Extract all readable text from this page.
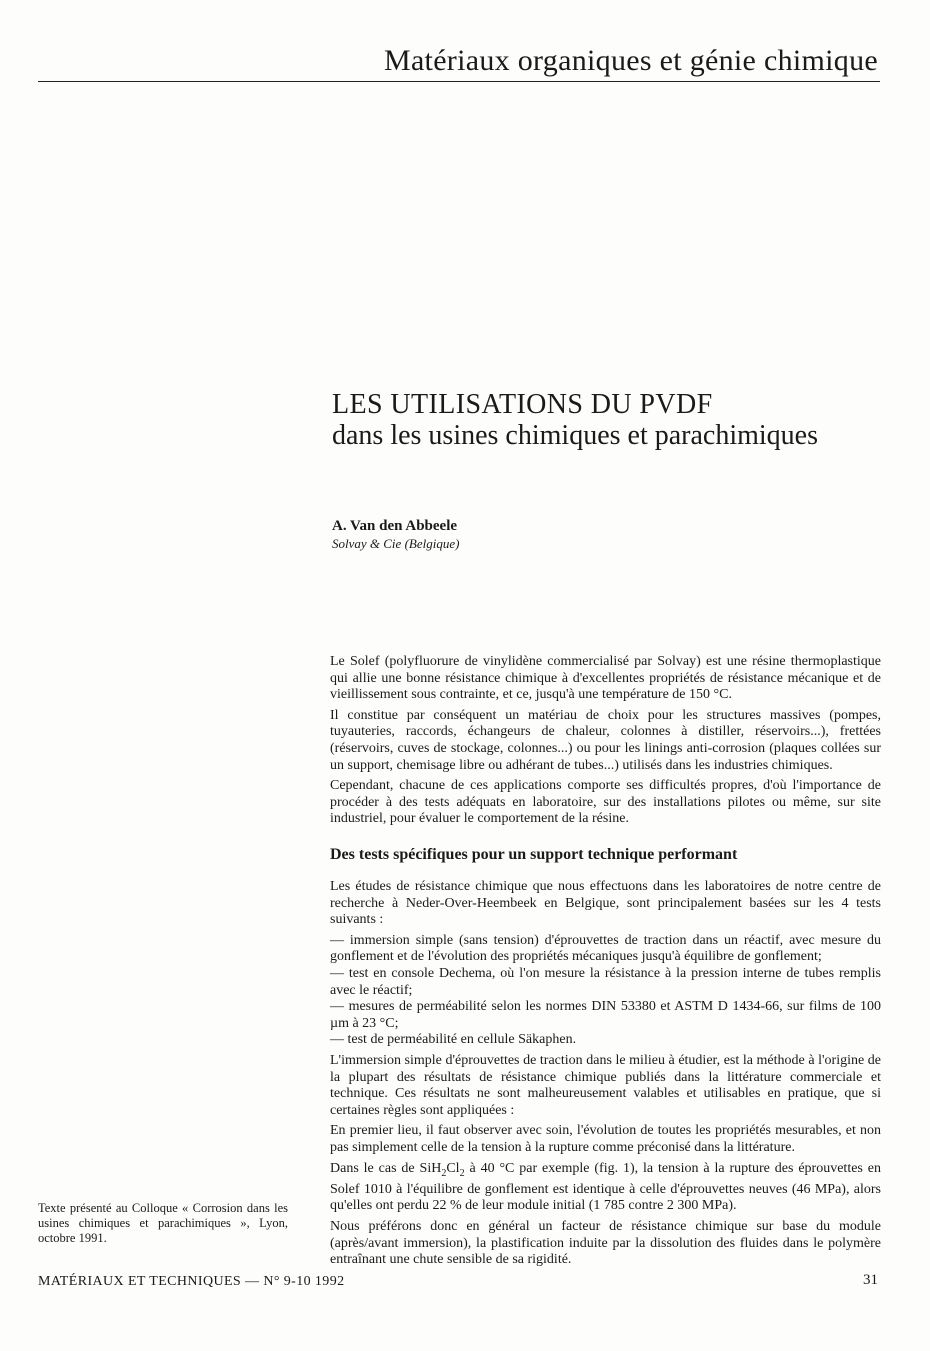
Matériaux organiques et génie chimique
LES UTILISATIONS DU PVDF
dans les usines chimiques et parachimiques
A. Van den Abbeele
Solvay & Cie (Belgique)

Le Solef (polyfluorure de vinylidène commercialisé par Solvay) est une résine thermoplastique qui allie une bonne résistance chimique à d'excellentes propriétés de résistance mécanique et de vieillissement sous contrainte, et ce, jusqu'à une température de 150 °C.

Il constitue par conséquent un matériau de choix pour les structures massives (pompes, tuyauteries, raccords, échangeurs de chaleur, colonnes à distiller, réservoirs...), frettées (réservoirs, cuves de stockage, colonnes...) ou pour les linings anti-corrosion (plaques collées sur un support, chemisage libre ou adhérant de tubes...) utilisés dans les industries chimiques.

Cependant, chacune de ces applications comporte ses difficultés propres, d'où l'importance de procéder à des tests adéquats en laboratoire, sur des installations pilotes ou même, sur site industriel, pour évaluer le comportement de la résine.

Des tests spécifiques pour un support technique performant

Les études de résistance chimique que nous effectuons dans les laboratoires de notre centre de recherche à Neder-Over-Heembeek en Belgique, sont principalement basées sur les 4 tests suivants :

— immersion simple (sans tension) d'éprouvettes de traction dans un réactif, avec mesure du gonflement et de l'évolution des propriétés mécaniques jusqu'à équilibre de gonflement;

— test en console Dechema, où l'on mesure la résistance à la pression interne de tubes remplis avec le réactif;

— mesures de perméabilité selon les normes DIN 53380 et ASTM D 1434-66, sur films de 100 µm à 23 °C;

— test de perméabilité en cellule Säkaphen.

L'immersion simple d'éprouvettes de traction dans le milieu à étudier, est la méthode à l'origine de la plupart des résultats de résistance chimique publiés dans la littérature commerciale et technique. Ces résultats ne sont malheureusement valables et utilisables en pratique, que si certaines règles sont appliquées :

En premier lieu, il faut observer avec soin, l'évolution de toutes les propriétés mesurables, et non pas simplement celle de la tension à la rupture comme préconisé dans la littérature.

Dans le cas de $SiH_2Cl_2$ à 40 °C par exemple (fig. 1), la tension à la rupture des éprouvettes en Solef 1010 à l'équilibre de gonflement est identique à celle d'éprouvettes neuves (46 MPa), alors qu'elles ont perdu 22 % de leur module initial (1 785 contre 2 300 MPa).

Nous préférons donc en général un facteur de résistance chimique sur base du module (après/avant immersion), la plastification induite par la dissolution des fluides dans le polymère entraînant une chute sensible de sa rigidité.

Texte présenté au Colloque « Corrosion dans les usines chimiques et parachimiques », Lyon, octobre 1991.
MATÉRIAUX ET TECHNIQUES — N° 9-10 1992	31
